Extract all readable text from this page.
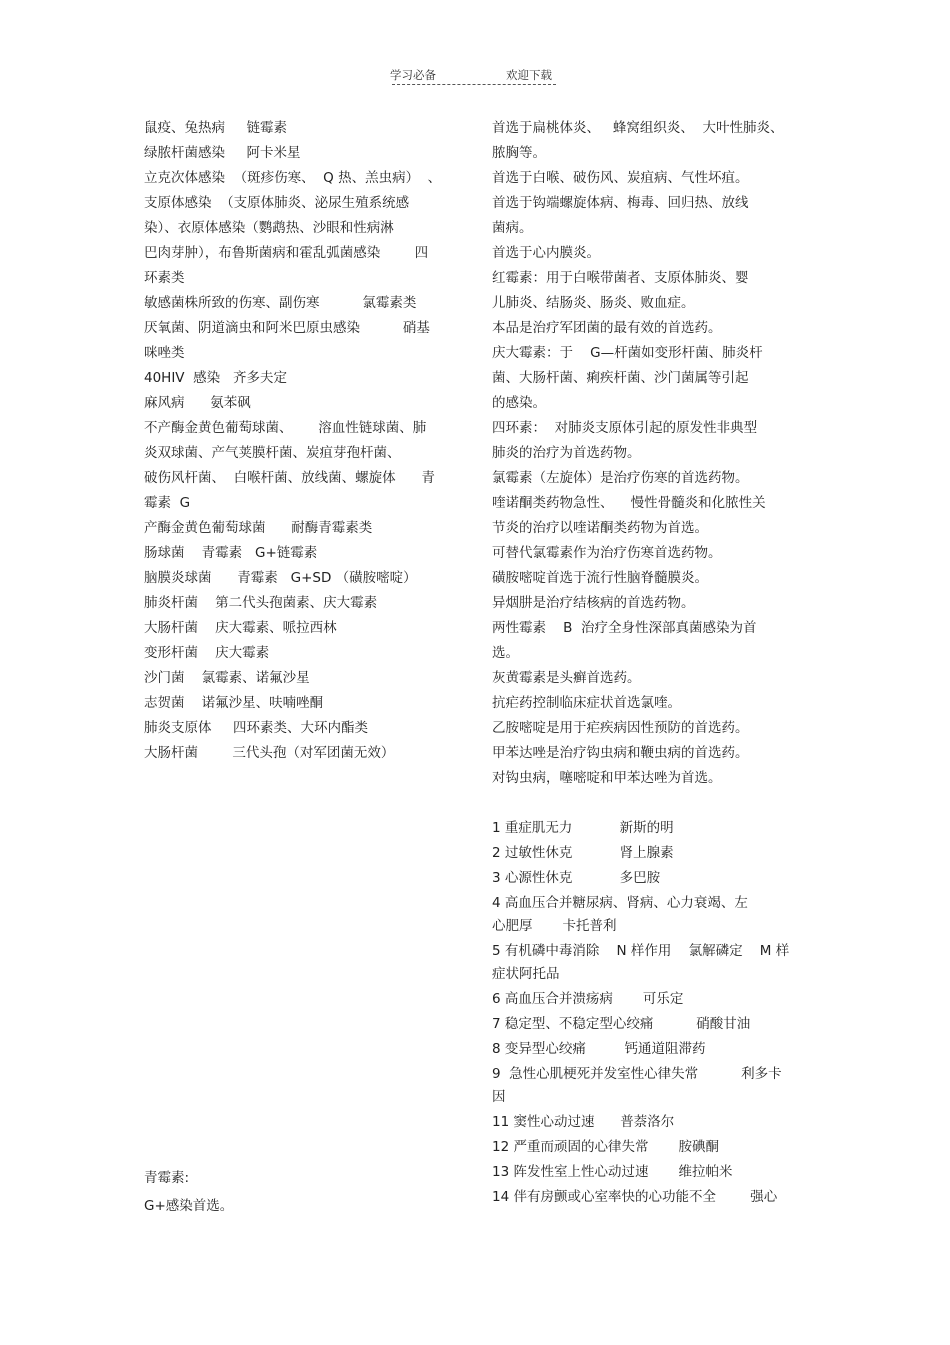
学习必备	欢迎下载
鼠疫、兔热病     链霉素
绿脓杆菌感染     阿卡米星
立克次体感染  （斑疹伤寒、  Q 热、羔虫病）  、
支原体感染  （支原体肺炎、泌尿生殖系统感
染）、衣原体感染（鹦鹉热、沙眼和性病淋
巴肉芽肿），布鲁斯菌病和霍乱弧菌感染        四
环素类
敏感菌株所致的伤寒、副伤寒          氯霉素类
厌氧菌、阴道滴虫和阿米巴原虫感染          硝基
咪唑类
40HIV  感染   齐多夫定
麻风病      氨苯砜
不产酶金黄色葡萄球菌、      溶血性链球菌、肺
炎双球菌、产气荚膜杆菌、炭疽芽孢杆菌、
破伤风杆菌、  白喉杆菌、放线菌、螺旋体      青
霉素  G
产酶金黄色葡萄球菌      耐酶青霉素类
肠球菌    青霉素   G+链霉素
脑膜炎球菌      青霉素   G+SD （磺胺嘧啶）
肺炎杆菌    第二代头孢菌素、庆大霉素
大肠杆菌    庆大霉素、哌拉西林
变形杆菌    庆大霉素
沙门菌    氯霉素、诺氟沙星
志贺菌    诺氟沙星、呋喃唑酮
肺炎支原体     四环素类、大环内酯类
大肠杆菌        三代头孢（对军团菌无效）
首选于扁桃体炎、   蜂窝组织炎、  大叶性肺炎、
脓胸等。
首选于白喉、破伤风、炭疽病、气性坏疽。
首选于钩端螺旋体病、梅毒、回归热、放线
菌病。
首选于心内膜炎。
红霉素：用于白喉带菌者、支原体肺炎、婴
儿肺炎、结肠炎、肠炎、败血症。
本品是治疗军团菌的最有效的首选药。
庆大霉素：于    G—杆菌如变形杆菌、肺炎杆
菌、大肠杆菌、痢疾杆菌、沙门菌属等引起
的感染。
四环素：  对肺炎支原体引起的原发性非典型
肺炎的治疗为首选药物。
氯霉素（左旋体）是治疗伤寒的首选药物。
喹诺酮类药物急性、    慢性骨髓炎和化脓性关
节炎的治疗以喹诺酮类药物为首选。
可替代氯霉素作为治疗伤寒首选药物。
磺胺嘧啶首选于流行性脑脊髓膜炎。
异烟肼是治疗结核病的首选药物。
两性霉素    B  治疗全身性深部真菌感染为首
选。
灰黄霉素是头癣首选药。
抗疟药控制临床症状首选氯喹。
乙胺嘧啶是用于疟疾病因性预防的首选药。
甲苯达唑是治疗钩虫病和鞭虫病的首选药。
对钩虫病，噻嘧啶和甲苯达唑为首选。
1 重症肌无力           新斯的明
2 过敏性休克           肾上腺素
3 心源性休克           多巴胺
4 高血压合并糖尿病、肾病、心力衰竭、左
心肥厚       卡托普利
5 有机磷中毒消除    N 样作用    氯解磷定    M 样
症状阿托品
6 高血压合并溃疡病       可乐定
7 稳定型、不稳定型心绞痛          硝酸甘油
8 变异型心绞痛         钙通道阻滞药
9  急性心肌梗死并发室性心律失常          利多卡
因
11 窦性心动过速      普萘洛尔
12 严重而顽固的心律失常       胺碘酮
13 阵发性室上性心动过速       维拉帕米
14 伴有房颤或心室率快的心功能不全        强心
青霉素:
G+感染首选。
